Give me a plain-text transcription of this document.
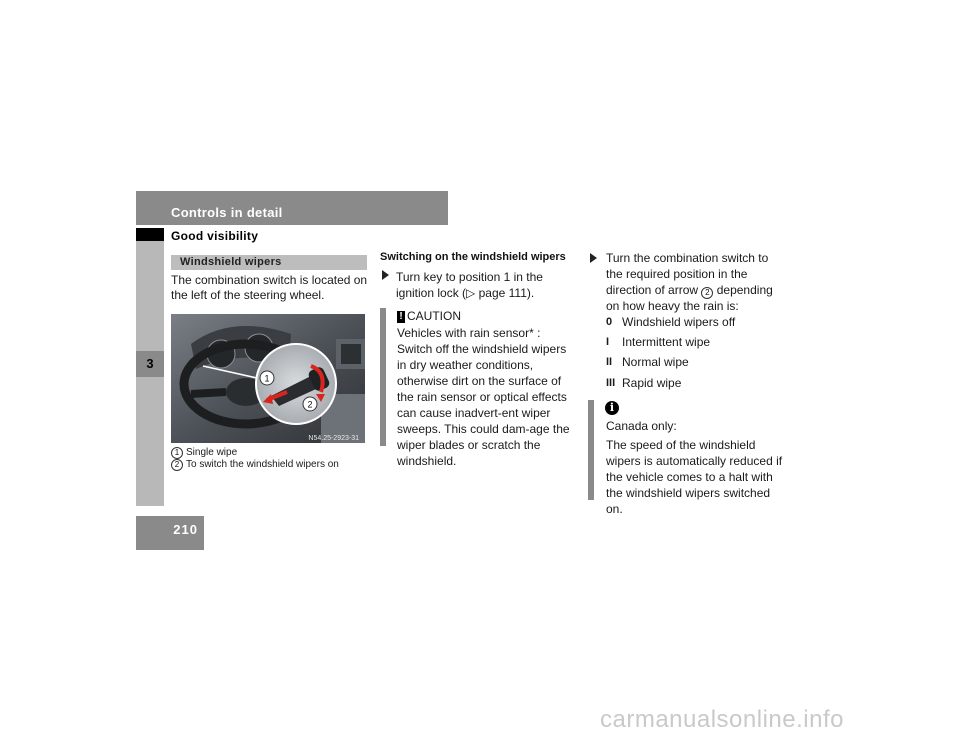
Controls in detail
Good visibility
3
210
Windshield wipers
The combination switch is located on the left of the steering wheel.
1
2
N54.25-2923-31
1 Single wipe
2 To switch the windshield wipers on
Switching on the windshield wipers
Turn key to position 1 in the ignition lock (▷ page 111).
! CAUTION
Vehicles with rain sensor* : Switch off the windshield wipers in dry weather conditions, otherwise dirt on the surface of the rain sensor or optical effects can cause inadvert-ent wiper sweeps. This could dam-age the wiper blades or scratch the windshield.
Turn the combination switch to the required position in the direction of arrow 2 depending on how heavy the rain is:
0 Windshield wipers off
I Intermittent wipe
II Normal wipe
III Rapid wipe
i
Canada only:
The speed of the windshield wipers is automatically reduced if the vehicle comes to a halt with the windshield wipers switched on.
carmanualsonline.info
